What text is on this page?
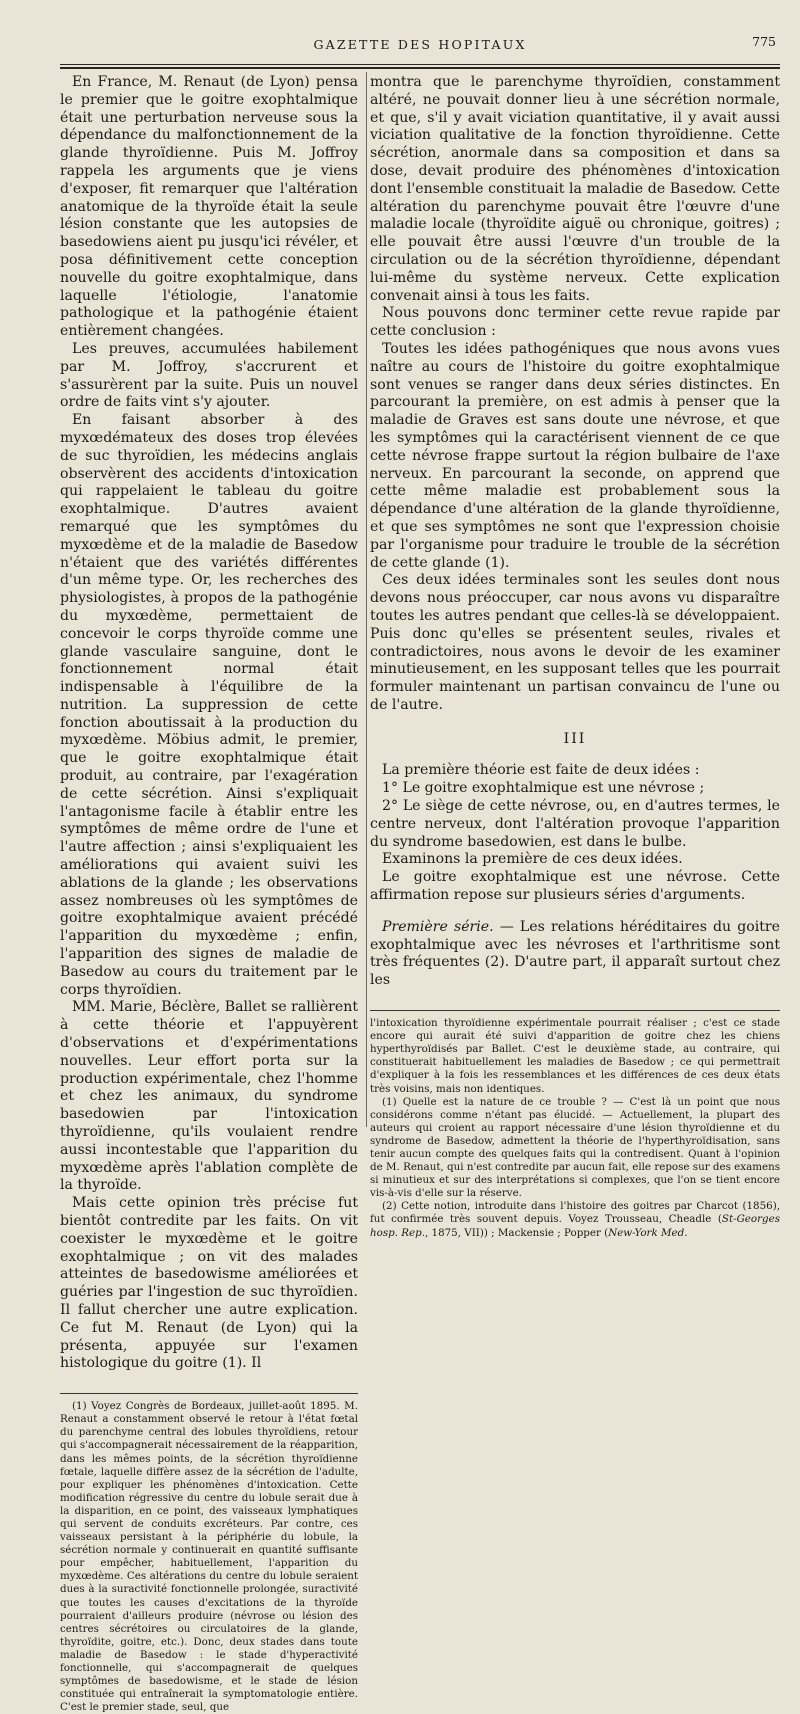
GAZETTE DES HOPITAUX	775

En France, M. Renaut (de Lyon) pensa le premier que le goitre exophtalmique était une perturbation nerveuse sous la dépendance du malfonctionnement de la glande thyroïdienne. Puis M. Joffroy rappela les arguments que je viens d'exposer, fit remarquer que l'altération anatomique de la thyroïde était la seule lésion constante que les autopsies de basedowiens aient pu jusqu'ici révéler, et posa définitivement cette conception nouvelle du goitre exophtalmique, dans laquelle l'étiologie, l'anatomie pathologique et la pathogénie étaient entièrement changées.

Les preuves, accumulées habilement par M. Joffroy, s'accrurent et s'assurèrent par la suite. Puis un nouvel ordre de faits vint s'y ajouter.

En faisant absorber à des myxœdémateux des doses trop élevées de suc thyroïdien, les médecins anglais observèrent des accidents d'intoxication qui rappelaient le tableau du goitre exophtalmique. D'autres avaient remarqué que les symptômes du myxœdème et de la maladie de Basedow n'étaient que des variétés différentes d'un même type. Or, les recherches des physiologistes, à propos de la pathogénie du myxœdème, permettaient de concevoir le corps thyroïde comme une glande vasculaire sanguine, dont le fonctionnement normal était indispensable à l'équilibre de la nutrition. La suppression de cette fonction aboutissait à la production du myxœdème. Möbius admit, le premier, que le goitre exophtalmique était produit, au contraire, par l'exagération de cette sécrétion. Ainsi s'expliquait l'antagonisme facile à établir entre les symptômes de même ordre de l'une et l'autre affection ; ainsi s'expliquaient les améliorations qui avaient suivi les ablations de la glande ; les observations assez nombreuses où les symptômes de goitre exophtalmique avaient précédé l'apparition du myxœdème ; enfin, l'apparition des signes de maladie de Basedow au cours du traitement par le corps thyroïdien.

MM. Marie, Béclère, Ballet se rallièrent à cette théorie et l'appuyèrent d'observations et d'expérimentations nouvelles. Leur effort porta sur la production expérimentale, chez l'homme et chez les animaux, du syndrome basedowien par l'intoxication thyroïdienne, qu'ils voulaient rendre aussi incontestable que l'apparition du myxœdème après l'ablation complète de la thyroïde.

Mais cette opinion très précise fut bientôt contredite par les faits. On vit coexister le myxœdème et le goitre exophtalmique ; on vit des malades atteintes de basedowisme améliorées et guéries par l'ingestion de suc thyroïdien. Il fallut chercher une autre explication. Ce fut M. Renaut (de Lyon) qui la présenta, appuyée sur l'examen histologique du goitre (1). Il

(1) Voyez Congrès de Bordeaux, juillet-août 1895. M. Renaut a constamment observé le retour à l'état fœtal du parenchyme central des lobules thyroïdiens, retour qui s'accompagnerait nécessairement de la réapparition, dans les mêmes points, de la sécrétion thyroïdienne fœtale, laquelle diffère assez de la sécrétion de l'adulte, pour expliquer les phénomènes d'intoxication. Cette modification régressive du centre du lobule serait due à la disparition, en ce point, des vaisseaux lymphatiques qui servent de conduits excréteurs. Par contre, ces vaisseaux persistant à la périphérie du lobule, la sécrétion normale y continuerait en quantité suffisante pour empêcher, habituellement, l'apparition du myxœdème. Ces altérations du centre du lobule seraient dues à la suractivité fonctionnelle prolongée, suractivité que toutes les causes d'excitations de la thyroïde pourraient d'ailleurs produire (névrose ou lésion des centres sécrétoires ou circulatoires de la glande, thyroïdite, goitre, etc.). Donc, deux stades dans toute maladie de Basedow : le stade d'hyperactivité fonctionnelle, qui s'accompagnerait de quelques symptômes de basedowisme, et le stade de lésion constituée qui entraînerait la symptomatologie entière. C'est le premier stade, seul, que

montra que le parenchyme thyroïdien, constamment altéré, ne pouvait donner lieu à une sécrétion normale, et que, s'il y avait viciation quantitative, il y avait aussi viciation qualitative de la fonction thyroïdienne. Cette sécrétion, anormale dans sa composition et dans sa dose, devait produire des phénomènes d'intoxication dont l'ensemble constituait la maladie de Basedow. Cette altération du parenchyme pouvait être l'œuvre d'une maladie locale (thyroïdite aiguë ou chronique, goitres) ; elle pouvait être aussi l'œuvre d'un trouble de la circulation ou de la sécrétion thyroïdienne, dépendant lui-même du système nerveux. Cette explication convenait ainsi à tous les faits.

Nous pouvons donc terminer cette revue rapide par cette conclusion :

Toutes les idées pathogéniques que nous avons vues naître au cours de l'histoire du goitre exophtalmique sont venues se ranger dans deux séries distinctes. En parcourant la première, on est admis à penser que la maladie de Graves est sans doute une névrose, et que les symptômes qui la caractérisent viennent de ce que cette névrose frappe surtout la région bulbaire de l'axe nerveux. En parcourant la seconde, on apprend que cette même maladie est probablement sous la dépendance d'une altération de la glande thyroïdienne, et que ses symptômes ne sont que l'expression choisie par l'organisme pour traduire le trouble de la sécrétion de cette glande (1).

Ces deux idées terminales sont les seules dont nous devons nous préoccuper, car nous avons vu disparaître toutes les autres pendant que celles-là se développaient. Puis donc qu'elles se présentent seules, rivales et contradictoires, nous avons le devoir de les examiner minutieusement, en les supposant telles que les pourrait formuler maintenant un partisan convaincu de l'une ou de l'autre.

III

La première théorie est faite de deux idées :

1° Le goitre exophtalmique est une névrose ;

2° Le siège de cette névrose, ou, en d'autres termes, le centre nerveux, dont l'altération provoque l'apparition du syndrome basedowien, est dans le bulbe.

Examinons la première de ces deux idées.

Le goitre exophtalmique est une névrose. Cette affirmation repose sur plusieurs séries d'arguments.

Première série. — Les relations héréditaires du goitre exophtalmique avec les névroses et l'arthritisme sont très fréquentes (2). D'autre part, il apparaît surtout chez les

l'intoxication thyroïdienne expérimentale pourrait réaliser ; c'est ce stade encore qui aurait été suivi d'apparition de goitre chez les chiens hyperthyroïdisés par Ballet. C'est le deuxième stade, au contraire, qui constituerait habituellement les maladies de Basedow ; ce qui permettrait d'expliquer à la fois les ressemblances et les différences de ces deux états très voisins, mais non identiques.

(1) Quelle est la nature de ce trouble ? — C'est là un point que nous considérons comme n'étant pas élucidé. — Actuellement, la plupart des auteurs qui croient au rapport nécessaire d'une lésion thyroïdienne et du syndrome de Basedow, admettent la théorie de l'hyperthyroïdisation, sans tenir aucun compte des quelques faits qui la contredisent. Quant à l'opinion de M. Renaut, qui n'est contredite par aucun fait, elle repose sur des examens si minutieux et sur des interprétations si complexes, que l'on se tient encore vis-à-vis d'elle sur la réserve.

(2) Cette notion, introduite dans l'histoire des goitres par Charcot (1856), fut confirmée très souvent depuis. Voyez Trousseau, Cheadle (St-Georges hosp. Rep., 1875, VII)) ; Mackensie ; Popper (New-York Med.
